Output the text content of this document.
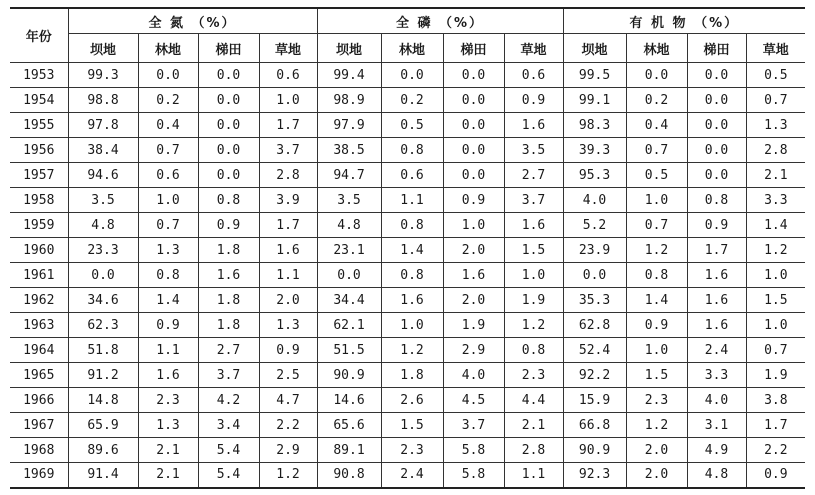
年份	全 氮 （%）				全 磷 （%）				有 机 物 （%）			
	坝地	林地	梯田	草地	坝地	林地	梯田	草地	坝地	林地	梯田	草地
1953	99.3	0.0	0.0	0.6	99.4	0.0	0.0	0.6	99.5	0.0	0.0	0.5
1954	98.8	0.2	0.0	1.0	98.9	0.2	0.0	0.9	99.1	0.2	0.0	0.7
1955	97.8	0.4	0.0	1.7	97.9	0.5	0.0	1.6	98.3	0.4	0.0	1.3
1956	38.4	0.7	0.0	3.7	38.5	0.8	0.0	3.5	39.3	0.7	0.0	2.8
1957	94.6	0.6	0.0	2.8	94.7	0.6	0.0	2.7	95.3	0.5	0.0	2.1
1958	3.5	1.0	0.8	3.9	3.5	1.1	0.9	3.7	4.0	1.0	0.8	3.3
1959	4.8	0.7	0.9	1.7	4.8	0.8	1.0	1.6	5.2	0.7	0.9	1.4
1960	23.3	1.3	1.8	1.6	23.1	1.4	2.0	1.5	23.9	1.2	1.7	1.2
1961	0.0	0.8	1.6	1.1	0.0	0.8	1.6	1.0	0.0	0.8	1.6	1.0
1962	34.6	1.4	1.8	2.0	34.4	1.6	2.0	1.9	35.3	1.4	1.6	1.5
1963	62.3	0.9	1.8	1.3	62.1	1.0	1.9	1.2	62.8	0.9	1.6	1.0
1964	51.8	1.1	2.7	0.9	51.5	1.2	2.9	0.8	52.4	1.0	2.4	0.7
1965	91.2	1.6	3.7	2.5	90.9	1.8	4.0	2.3	92.2	1.5	3.3	1.9
1966	14.8	2.3	4.2	4.7	14.6	2.6	4.5	4.4	15.9	2.3	4.0	3.8
1967	65.9	1.3	3.4	2.2	65.6	1.5	3.7	2.1	66.8	1.2	3.1	1.7
1968	89.6	2.1	5.4	2.9	89.1	2.3	5.8	2.8	90.9	2.0	4.9	2.2
1969	91.4	2.1	5.4	1.2	90.8	2.4	5.8	1.1	92.3	2.0	4.8	0.9
